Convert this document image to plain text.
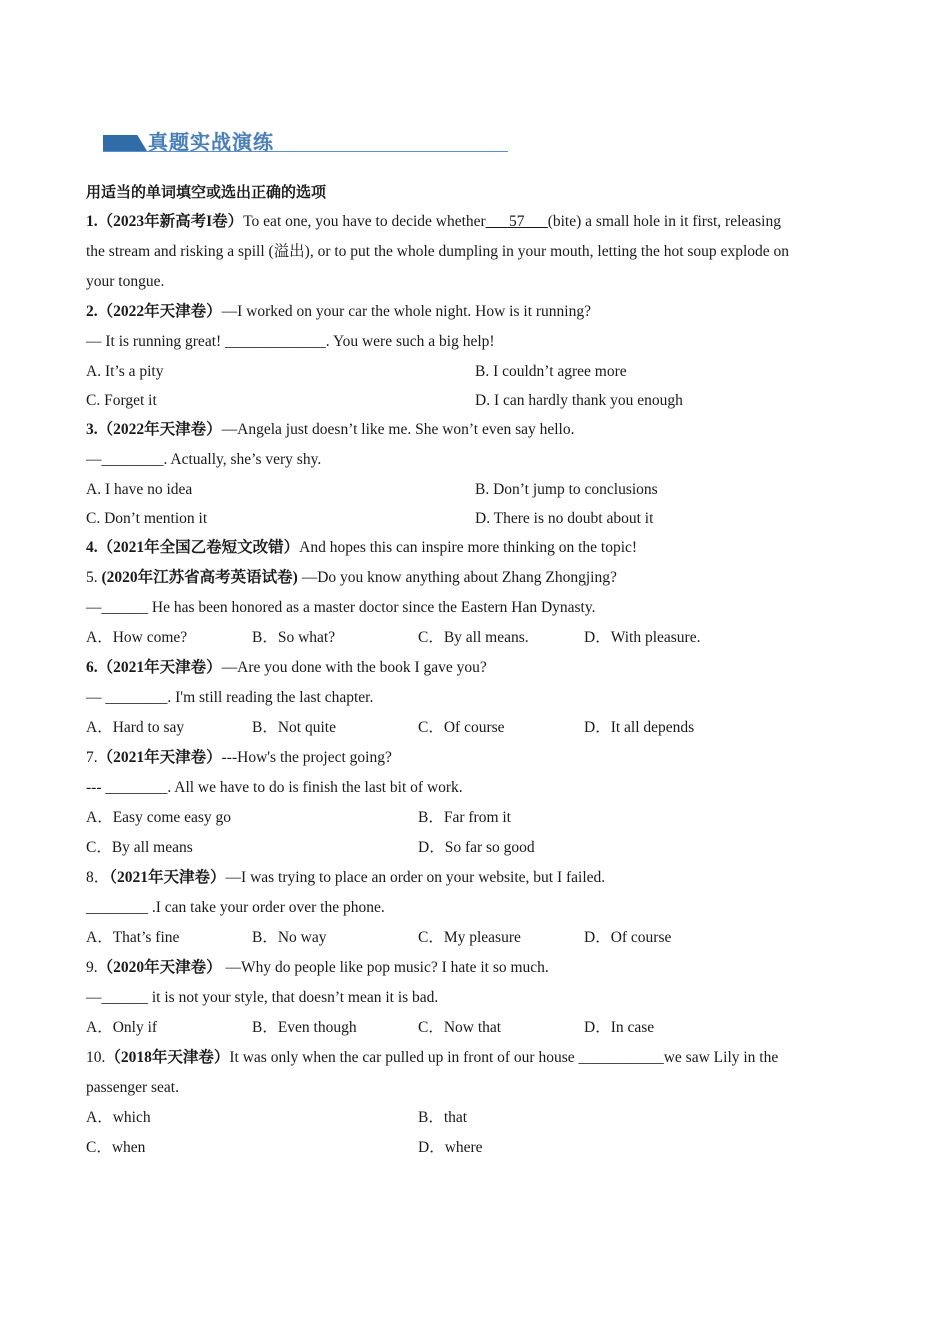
真题实战演练
用适当的单词填空或选出正确的选项
1.（2023年新高考I卷）To eat one, you have to decide whether___57___(bite) a small hole in it first, releasing
the stream and risking a spill (溢出), or to put the whole dumpling in your mouth, letting the hot soup explode on
your tongue.
2.（2022年天津卷）—I worked on your car the whole night. How is it running?
— It is running great! _____________. You were such a big help!
A. It’s a pity	B. I couldn’t agree more
C. Forget it	D. I can hardly thank you enough
3.（2022年天津卷）—Angela just doesn’t like me. She won’t even say hello.
—________. Actually, she’s very shy.
A. I have no idea	B. Don’t jump to conclusions
C. Don’t mention it	D. There is no doubt about it
4.（2021年全国乙卷短文改错）And hopes this can inspire more thinking on the topic!
5. (2020年江苏省高考英语试卷) —Do you know anything about Zhang Zhongjing?
—______ He has been honored as a master doctor since the Eastern Han Dynasty.
A．How come?	B．So what?	C．By all means.	D．With pleasure.
6.（2021年天津卷）—Are you done with the book I gave you?
— ________. I'm still reading the last chapter.
A．Hard to say	B．Not quite	C．Of course	D．It all depends
7.（2021年天津卷）---How's the project going?
--- ________. All we have to do is finish the last bit of work.
A．Easy come easy go	B．Far from it
C．By all means	D．So far so good
8．（2021年天津卷）—I was trying to place an order on your website, but I failed.
________ .I can take your order over the phone.
A．That’s fine	B．No way	C．My pleasure	D．Of course
9.（2020年天津卷） —Why do people like pop music? I hate it so much.
—______ it is not your style, that doesn’t mean it is bad.
A．Only if	B．Even though	C．Now that	D．In case
10.（2018年天津卷）It was only when the car pulled up in front of our house ___________we saw Lily in the
passenger seat.
A．which	B．that
C．when	D．where
